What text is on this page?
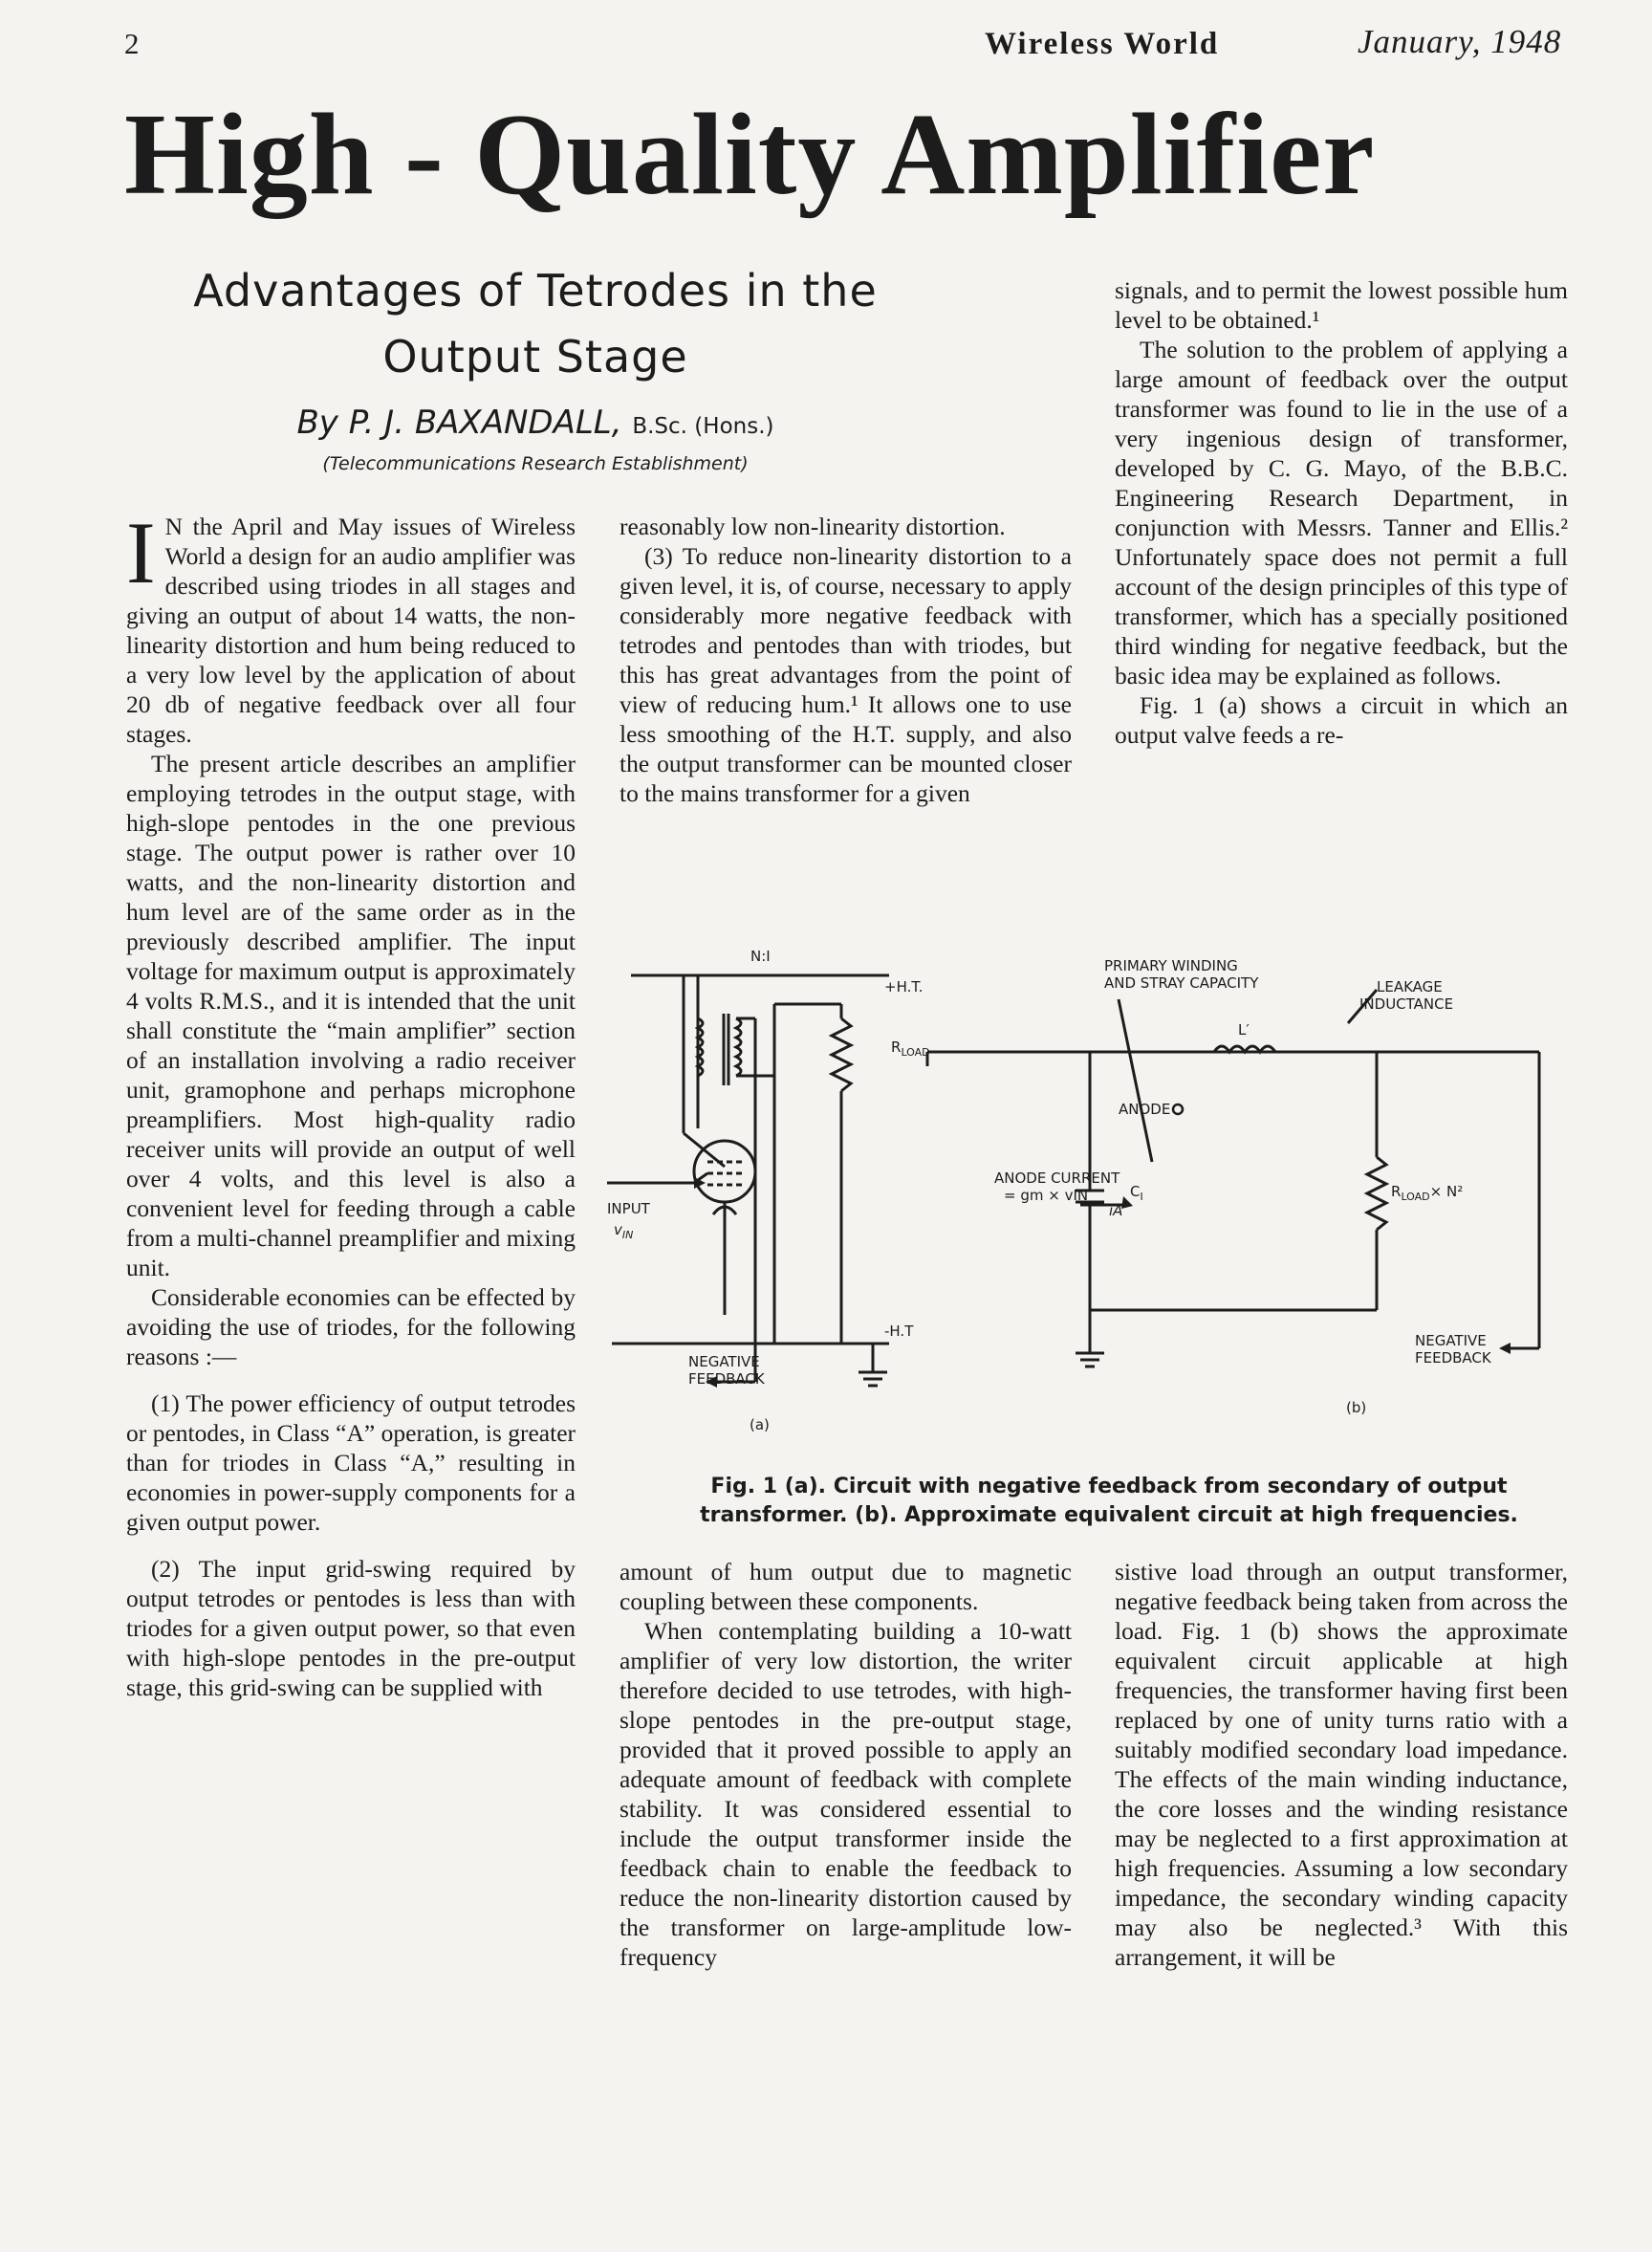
2	Wireless World	January, 1948
High - Quality Amplifier
Advantages of Tetrodes in the
Output Stage
By P. J. BAXANDALL, B.Sc. (Hons.)
(Telecommunications Research Establishment)

I N the April and May issues of Wireless World a design for an audio amplifier was described using triodes in all stages and giving an output of about 14 watts, the non-linearity distortion and hum being reduced to a very low level by the application of about 20 db of negative feedback over all four stages.

The present article describes an amplifier employing tetrodes in the output stage, with high-slope pentodes in the one previous stage. The output power is rather over 10 watts, and the non-linearity distortion and hum level are of the same order as in the previously described amplifier. The input voltage for maximum output is approximately 4 volts R.M.S., and it is intended that the unit shall constitute the “main amplifier” section of an installation involving a radio receiver unit, gramophone and perhaps microphone preamplifiers. Most high-quality radio receiver units will provide an output of well over 4 volts, and this level is also a convenient level for feeding through a cable from a multi-channel preamplifier and mixing unit.

Considerable economies can be effected by avoiding the use of triodes, for the following reasons :—

(1) The power efficiency of output tetrodes or pentodes, in Class “A” operation, is greater than for triodes in Class “A,” resulting in economies in power-supply components for a given output power.

(2) The input grid-swing required by output tetrodes or pentodes is less than with triodes for a given output power, so that even with high-slope pentodes in the pre-output stage, this grid-swing can be supplied with

reasonably low non-linearity distortion.

(3) To reduce non-linearity distortion to a given level, it is, of course, necessary to apply considerably more negative feedback with tetrodes and pentodes than with triodes, but this has great advantages from the point of view of reducing hum.¹ It allows one to use less smoothing of the H.T. supply, and also the output transformer can be mounted closer to the mains transformer for a given

signals, and to permit the lowest possible hum level to be obtained.¹

The solution to the problem of applying a large amount of feedback over the output transformer was found to lie in the use of a very ingenious design of transformer, developed by C. G. Mayo, of the B.B.C. Engineering Research Department, in conjunction with Messrs. Tanner and Ellis.² Unfortunately space does not permit a full account of the design principles of this type of transformer, which has a specially positioned third winding for negative feedback, but the basic idea may be explained as follows.

Fig. 1 (a) shows a circuit in which an output valve feeds a re-

N:I
+H.T.
$R_{LOAD}$
INPUT
$v_{IN}$
-H.T
NEGATIVE
FEEDBACK
(a)
PRIMARY WINDING
AND STRAY CAPACITY	LEAKAGE
INDUCTANCE
L′
ANODE
ANODE CURRENT
= gm × vIN
iA
$C_I$	$R_{LOAD}\times N^2$
NEGATIVE
FEEDBACK
(b)
Fig. 1 (a). Circuit with negative feedback from secondary of output
transformer. (b). Approximate equivalent circuit at high frequencies.

amount of hum output due to magnetic coupling between these components.

When contemplating building a 10-watt amplifier of very low distortion, the writer therefore decided to use tetrodes, with high-slope pentodes in the pre-output stage, provided that it proved possible to apply an adequate amount of feedback with complete stability. It was considered essential to include the output transformer inside the feedback chain to enable the feedback to reduce the non-linearity distortion caused by the transformer on large-amplitude low-frequency

sistive load through an output transformer, negative feedback being taken from across the load. Fig. 1 (b) shows the approximate equivalent circuit applicable at high frequencies, the transformer having first been replaced by one of unity turns ratio with a suitably modified secondary load impedance. The effects of the main winding inductance, the core losses and the winding resistance may be neglected to a first approximation at high frequencies. Assuming a low secondary impedance, the secondary winding capacity may also be neglected.³ With this arrangement, it will be
